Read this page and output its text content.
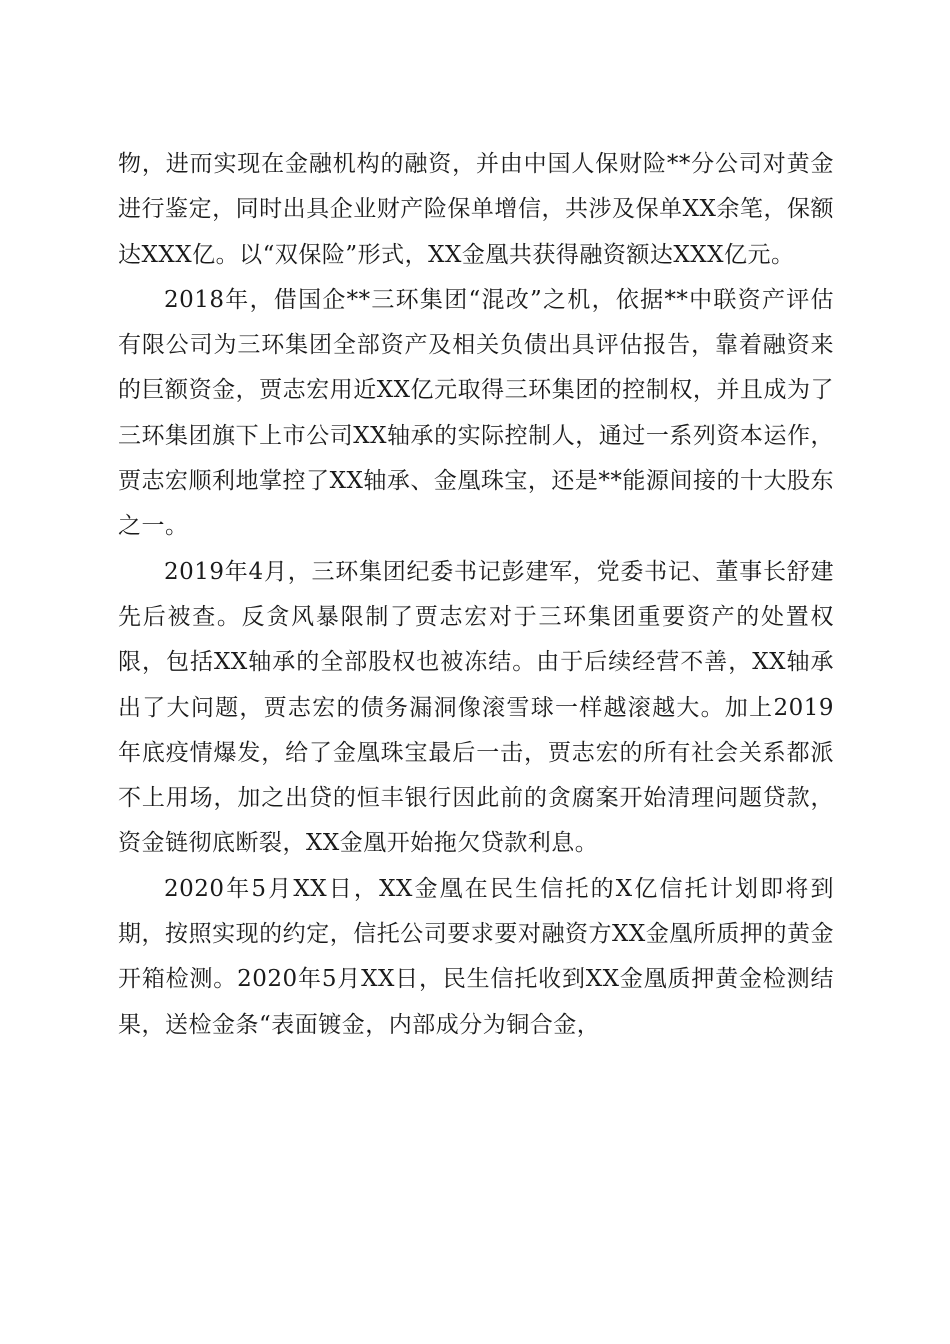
物，进而实现在金融机构的融资，并由中国人保财险**分公司对黄金进行鉴定，同时出具企业财产险保单增信，共涉及保单XX余笔，保额达XXX亿。以“双保险”形式，XX金凰共获得融资额达XXX亿元。

2018年，借国企**三环集团“混改”之机，依据**中联资产评估有限公司为三环集团全部资产及相关负债出具评估报告，靠着融资来的巨额资金，贾志宏用近XX亿元取得三环集团的控制权，并且成为了三环集团旗下上市公司XX轴承的实际控制人，通过一系列资本运作，贾志宏顺利地掌控了XX轴承、金凰珠宝，还是**能源间接的十大股东之一。

2019年4月，三环集团纪委书记彭建军，党委书记、董事长舒建先后被查。反贪风暴限制了贾志宏对于三环集团重要资产的处置权限，包括XX轴承的全部股权也被冻结。由于后续经营不善，XX轴承出了大问题，贾志宏的债务漏洞像滚雪球一样越滚越大。加上2019年底疫情爆发，给了金凰珠宝最后一击，贾志宏的所有社会关系都派不上用场，加之出贷的恒丰银行因此前的贪腐案开始清理问题贷款，资金链彻底断裂，XX金凰开始拖欠贷款利息。

2020年5月XX日，XX金凰在民生信托的X亿信托计划即将到期，按照实现的约定，信托公司要求要对融资方XX金凰所质押的黄金开箱检测。2020年5月XX日，民生信托收到XX金凰质押黄金检测结果，送检金条“表面镀金，内部成分为铜合金，
